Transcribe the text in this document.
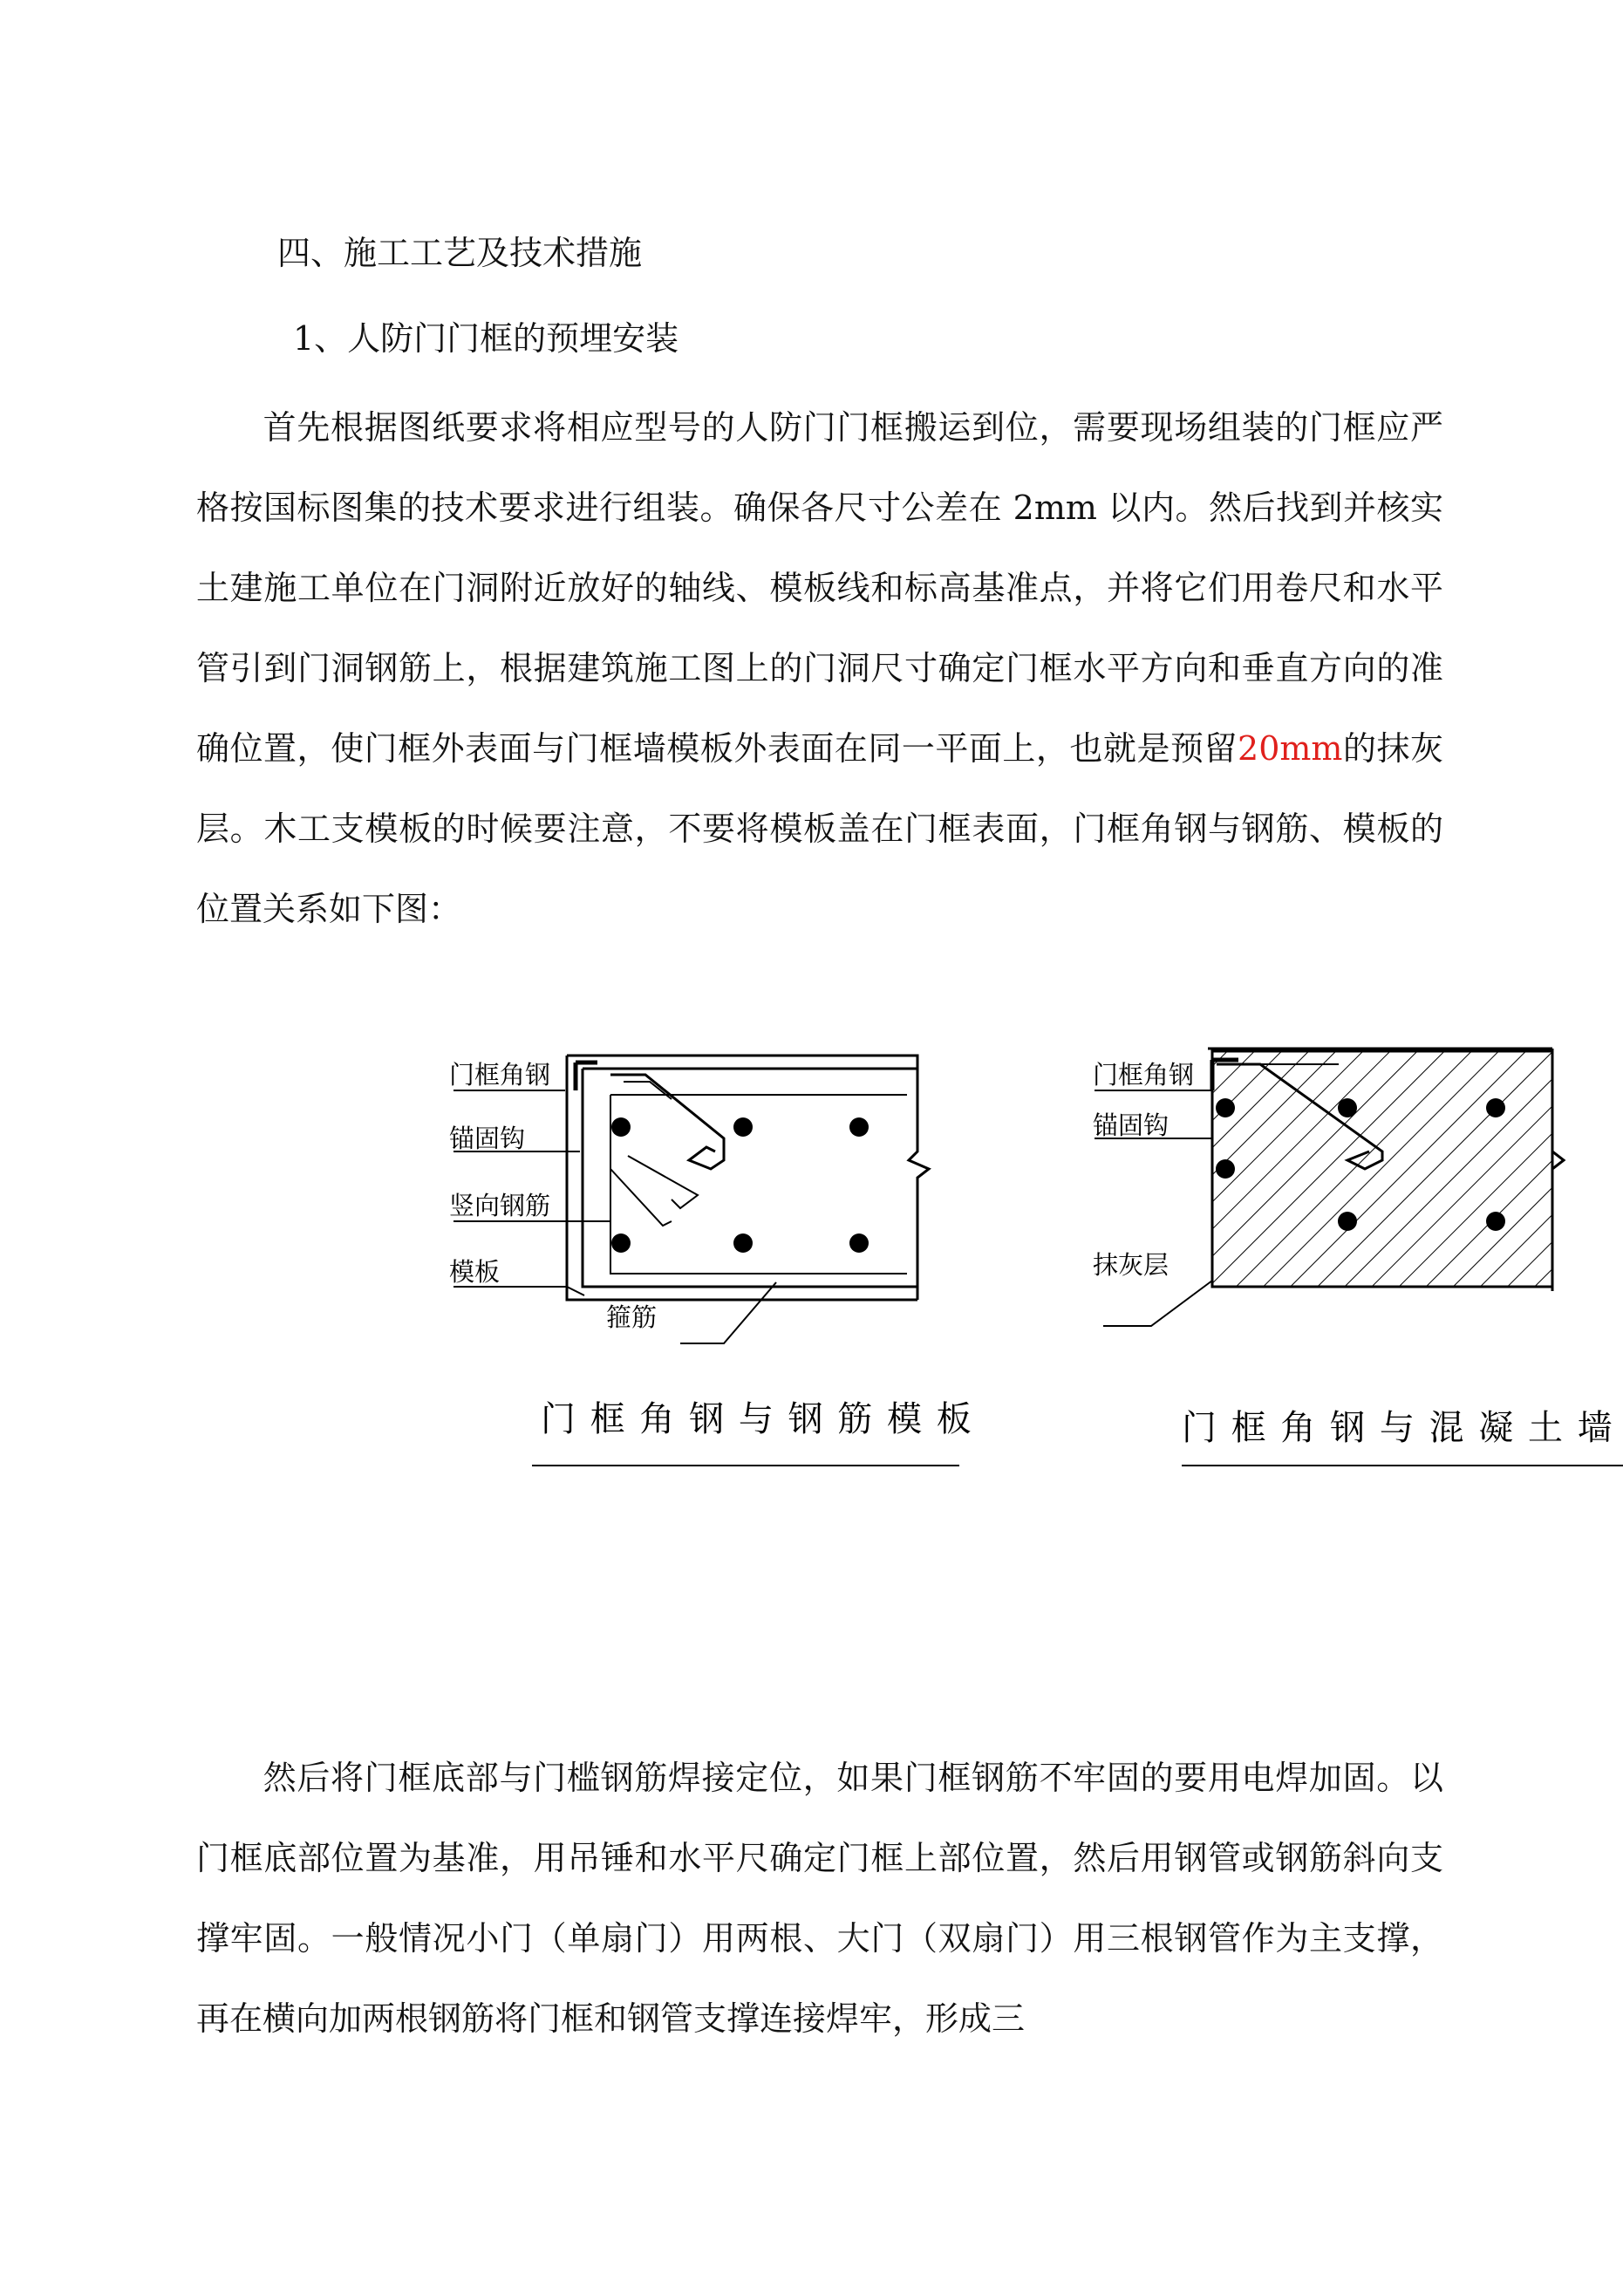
四、施工工艺及技术措施
1、人防门门框的预埋安装
首先根据图纸要求将相应型号的人防门门框搬运到位，需要现场组装的门框应严格按国标图集的技术要求进行组装。确保各尺寸公差在 2mm 以内。然后找到并核实土建施工单位在门洞附近放好的轴线、模板线和标高基准点，并将它们用卷尺和水平管引到门洞钢筋上，根据建筑施工图上的门洞尺寸确定门框水平方向和垂直方向的准确位置，使门框外表面与门框墙模板外表面在同一平面上，也就是预留20mm的抹灰层。木工支模板的时候要注意，不要将模板盖在门框表面，门框角钢与钢筋、模板的位置关系如下图：
门框角钢
锚固钩
竖向钢筋
模板
箍筋
门 框 角 钢 与 钢 筋 模 板
门框角钢
锚固钩
抹灰层
门 框 角 钢 与 混 凝 土 墙
然后将门框底部与门槛钢筋焊接定位，如果门框钢筋不牢固的要用电焊加固。以门框底部位置为基准，用吊锤和水平尺确定门框上部位置，然后用钢管或钢筋斜向支撑牢固。一般情况小门（单扇门）用两根、大门（双扇门）用三根钢管作为主支撑，再在横向加两根钢筋将门框和钢管支撑连接焊牢，形成三
